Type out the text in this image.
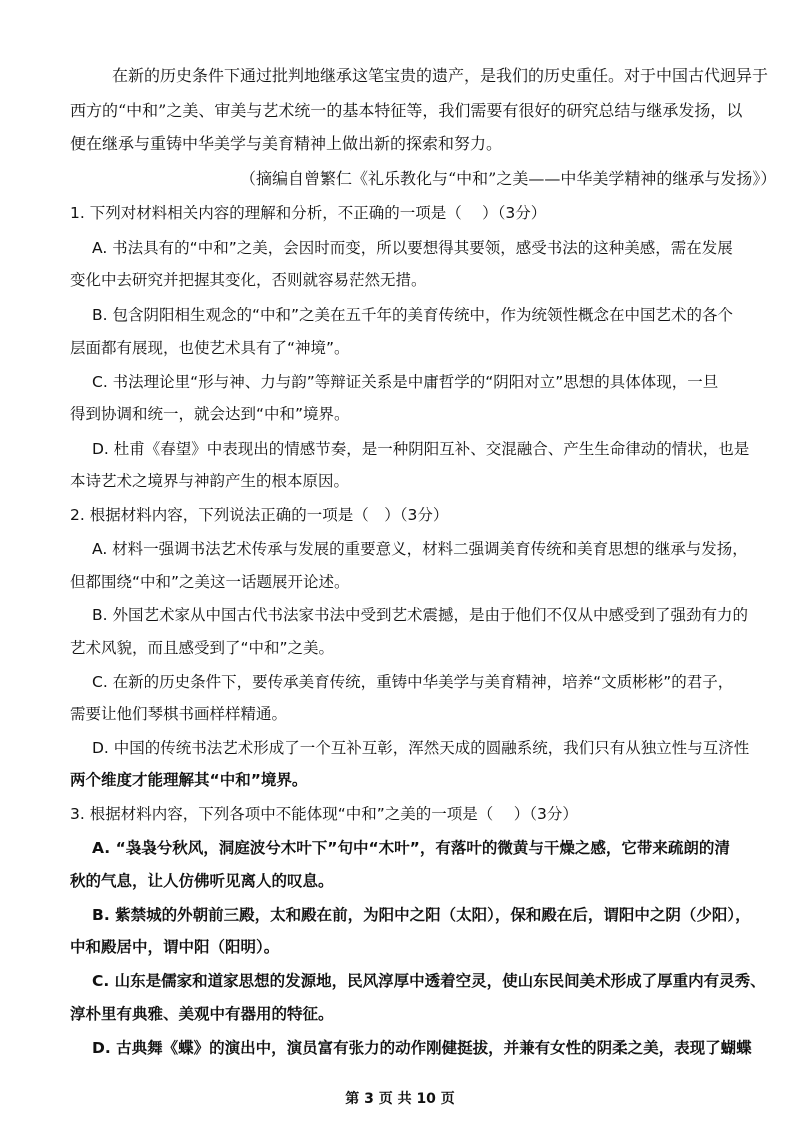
在新的历史条件下通过批判地继承这笔宝贵的遗产，是我们的历史重任。对于中国古代迥异于
西方的“中和”之美、审美与艺术统一的基本特征等，我们需要有很好的研究总结与继承发扬，以
便在继承与重铸中华美学与美育精神上做出新的探索和努力。
（摘编自曾繁仁《礼乐教化与“中和”之美——中华美学精神的继承与发扬》）
1. 下列对材料相关内容的理解和分析，不正确的一项是（　 ）（3分）
A. 书法具有的“中和”之美，会因时而变，所以要想得其要领，感受书法的这种美感，需在发展
变化中去研究并把握其变化，否则就容易茫然无措。
B. 包含阴阳相生观念的“中和”之美在五千年的美育传统中，作为统领性概念在中国艺术的各个
层面都有展现，也使艺术具有了“神境”。
C. 书法理论里“形与神、力与韵”等辩证关系是中庸哲学的“阴阳对立”思想的具体体现，一旦
得到协调和统一，就会达到“中和”境界。
D. 杜甫《春望》中表现出的情感节奏，是一种阴阳互补、交混融合、产生生命律动的情状，也是
本诗艺术之境界与神韵产生的根本原因。
2. 根据材料内容，下列说法正确的一项是（　）（3分）
A. 材料一强调书法艺术传承与发展的重要意义，材料二强调美育传统和美育思想的继承与发扬，
但都围绕“中和”之美这一话题展开论述。
B. 外国艺术家从中国古代书法家书法中受到艺术震撼，是由于他们不仅从中感受到了强劲有力的
艺术风貌，而且感受到了“中和”之美。
C. 在新的历史条件下，要传承美育传统，重铸中华美学与美育精神，培养“文质彬彬”的君子，
需要让他们琴棋书画样样精通。
D. 中国的传统书法艺术形成了一个互补互彰，浑然天成的圆融系统，我们只有从独立性与互济性
两个维度才能理解其“中和”境界。
3. 根据材料内容，下列各项中不能体现“中和”之美的一项是（　 ）（3分）
A. “袅袅兮秋风，洞庭波兮木叶下”句中“木叶”，有落叶的微黄与干燥之感，它带来疏朗的清
秋的气息，让人仿佛听见离人的叹息。
B. 紫禁城的外朝前三殿，太和殿在前，为阳中之阳（太阳），保和殿在后，谓阳中之阴（少阳），
中和殿居中，谓中阳（阳明）。
C. 山东是儒家和道家思想的发源地，民风淳厚中透着空灵，使山东民间美术形成了厚重内有灵秀、
淳朴里有典雅、美观中有器用的特征。
D. 古典舞《蝶》的演出中，演员富有张力的动作刚健挺拔，并兼有女性的阴柔之美，表现了蝴蝶
第 3 页 共 10 页
